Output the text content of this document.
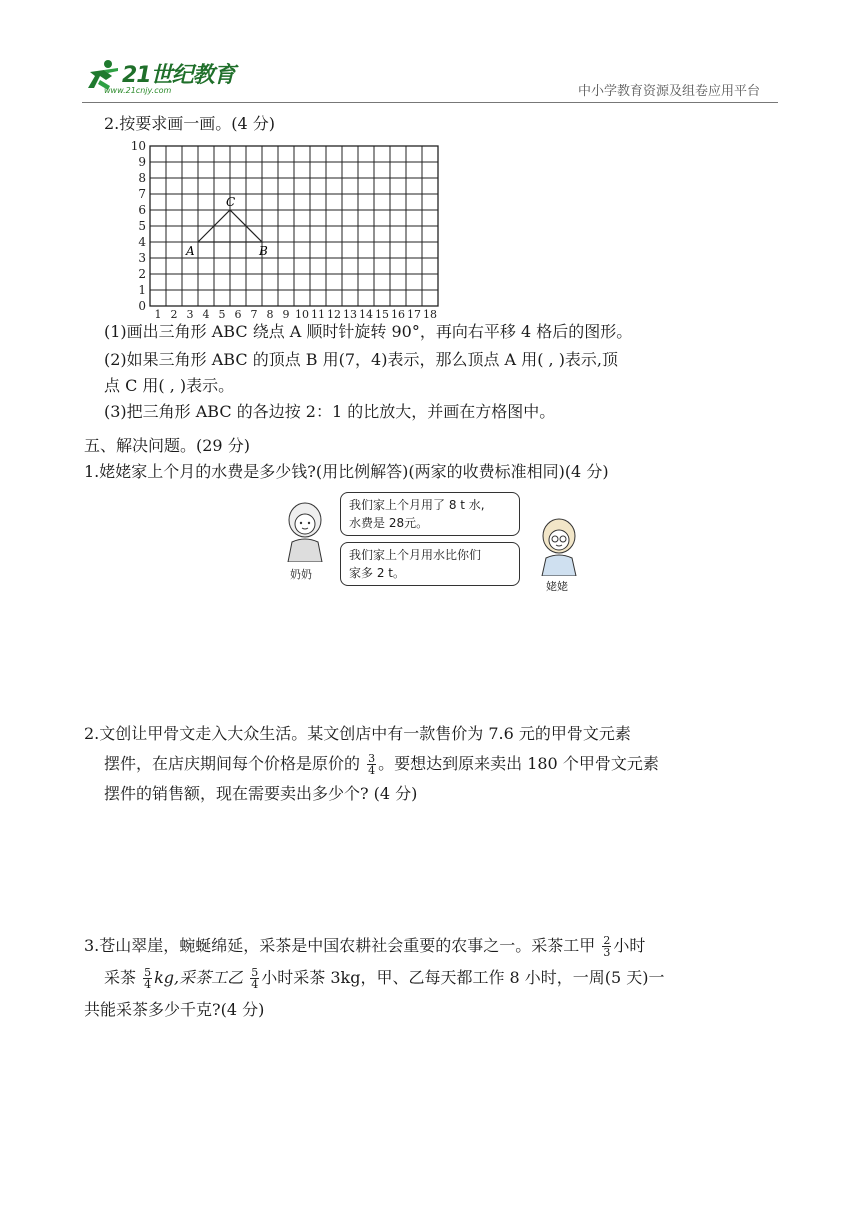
21世纪教育
www.21cnjy.com	中小学教育资源及组卷应用平台
2.按要求画一画。(4 分)
0
1
2
3
4
5
6
7
8
9
10
1 2 3 4 5 6 7 8 9 10 11 12 13 14 15 16 17 18
A	B
C
(1)画出三角形 ABC 绕点 A 顺时针旋转 90°，再向右平移 4 格后的图形。
(2)如果三角形 ABC 的顶点 B 用(7，4)表示，那么顶点 A 用( , )表示,顶
点 C 用( , )表示。
(3)把三角形 ABC 的各边按 2：1 的比放大，并画在方格图中。
五、解决问题。(29 分)
1.姥姥家上个月的水费是多少钱?(用比例解答)(两家的收费标准相同)(4 分)
奶奶
我们家上个月用了 8 t 水,
水费是 28元。
我们家上个月用水比你们
家多 2 t。
姥姥
2.文创让甲骨文走入大众生活。某文创店中有一款售价为 7.6 元的甲骨文元素
摆件，在店庆期间每个价格是原价的 $\frac{3}{4}$ 。要想达到原来卖出 180 个甲骨文元素
摆件的销售额，现在需要卖出多少个? (4 分)
3.苍山翠崖，蜿蜒绵延，采茶是中国农耕社会重要的农事之一。采茶工甲 $\frac{2}{3}$ 小时
采茶 $\frac{5}{4}$ kg,采茶工乙 $\frac{5}{4}$ 小时采茶 3kg，甲、乙每天都工作 8 小时，一周(5 天)一
共能采茶多少千克?(4 分)
